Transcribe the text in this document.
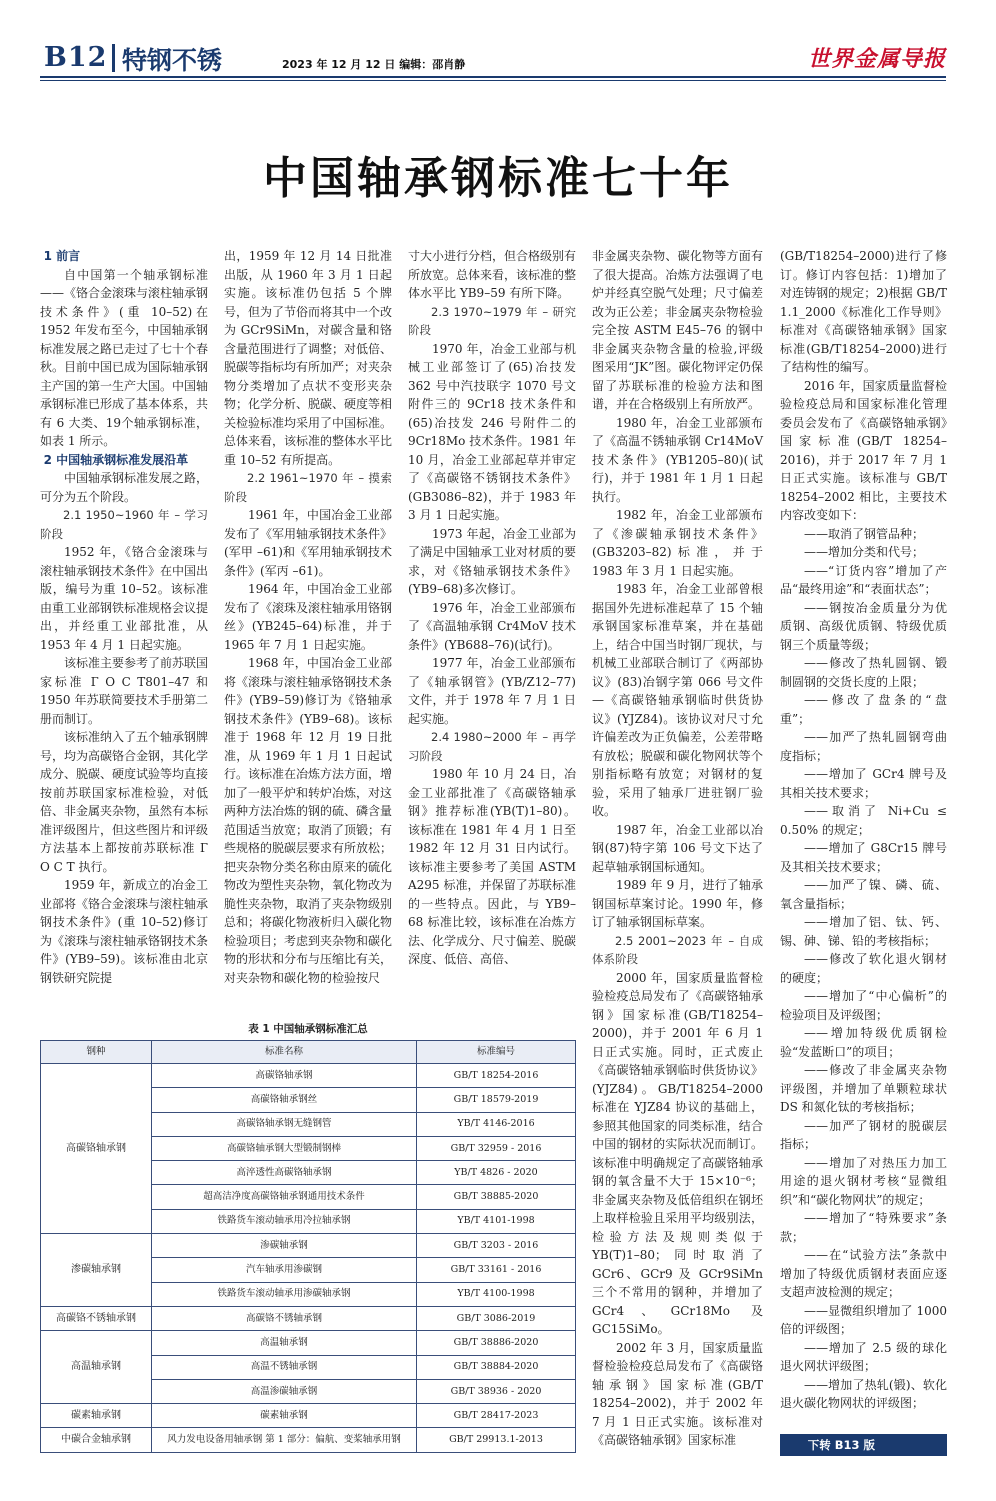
B12 特钢不锈	2023 年 12 月 12 日 编辑：邵肖静	世界金属导报
中国轴承钢标准七十年

1 前言

自中国第一个轴承钢标准——《铬合金滚珠与滚柱轴承钢技术条件》(重 10–52)在 1952 年发布至今，中国轴承钢标准发展之路已走过了七十个春秋。目前中国已成为国际轴承钢主产国的第一生产大国。中国轴承钢标准已形成了基本体系，共有 6 大类、19个轴承钢标准，如表 1 所示。

2 中国轴承钢标准发展沿革

中国轴承钢标准发展之路，可分为五个阶段。

2.1 1950~1960 年 – 学习阶段

1952 年，《铬合金滚珠与滚柱轴承钢技术条件》在中国出版，编号为重 10–52。该标准由重工业部钢铁标准规格会议提出，并经重工业部批准，从 1953 年 4 月 1 日起实施。

该标准主要参考了前苏联国家标准 Г О С Т801–47 和 1950 年苏联简要技术手册第二册而制订。

该标准纳入了五个轴承钢牌号，均为高碳铬合金钢，其化学成分、脱碳、硬度试验等均直接按前苏联国家标准检验，对低倍、非金属夹杂物，虽然有本标准评级图片，但这些图片和评级方法基本上都按前苏联标准 Г О С Т 执行。

1959 年，新成立的冶金工业部将《铬合金滚珠与滚柱轴承钢技术条件》(重 10–52)修订为《滚珠与滚柱轴承铬钢技术条件》(YB9–59)。该标准由北京钢铁研究院提

出，1959 年 12 月 14 日批准出版，从 1960 年 3 月 1 日起实施。该标准仍包括 5 个牌号，但为了节俗而将其中一个改为 GCr9SiMn，对碳含量和铬含量范围进行了调整；对低倍、脱碳等指标均有所加严；对夹杂物分类增加了点状不变形夹杂物；化学分析、脱碳、硬度等相关检验标准均采用了中国标准。总体来看，该标准的整体水平比重 10–52 有所提高。

2.2 1961~1970 年 – 摸索阶段

1961 年，中国冶金工业部发布了《军用轴承钢技术条件》(军甲 –61)和《军用轴承钢技术条件》(军丙 –61)。

1964 年，中国冶金工业部发布了《滚珠及滚柱轴承用铬钢丝》(YB245–64)标准，并于 1965 年 7 月 1 日起实施。

1968 年，中国冶金工业部将《滚珠与滚柱轴承铬钢技术条件》(YB9–59)修订为《铬轴承钢技术条件》(YB9–68)。该标准于 1968 年 12 月 19 日批准，从 1969 年 1 月 1 日起试行。该标准在冶炼方法方面，增加了一般平炉和转炉冶炼，对这两种方法冶炼的钢的硫、磷含量范围适当放宽；取消了顶锻；有些规格的脱碳层要求有所放松；把夹杂物分类名称由原来的硫化物改为塑性夹杂物，氧化物改为脆性夹杂物，取消了夹杂物级别总和；将碳化物液析归入碳化物检验项目；考虑到夹杂物和碳化物的形状和分布与压缩比有关，对夹杂物和碳化物的检验按尺

寸大小进行分档，但合格级别有所放宽。总体来看，该标准的整体水平比 YB9–59 有所下降。

2.3 1970~1979 年 – 研究阶段

1970 年，冶金工业部与机械工业部签订了(65)冶技发 362 号中汽技联字 1070 号文附件三的 9Cr18 技术条件和(65)冶技发 246 号附件二的 9Cr18Mo 技术条件。1981 年 10 月，冶金工业部起草并审定了《高碳铬不锈钢技术条件》(GB3086–82)，并于 1983 年 3 月 1 日起实施。

1973 年起，冶金工业部为了满足中国轴承工业对材质的要求，对《铬轴承钢技术条件》(YB9–68)多次修订。

1976 年，冶金工业部颁布了《高温轴承钢 Cr4MoV 技术条件》(YB688–76)(试行)。

1977 年，冶金工业部颁布了《轴承钢管》(YB/Z12–77)文件，并于 1978 年 7 月 1 日起实施。

2.4 1980~2000 年 – 再学习阶段

1980 年 10 月 24 日，冶金工业部批准了《高碳铬轴承钢》推荐标准(YB(T)1–80)。该标准在 1981 年 4 月 1 日至 1982 年 12 月 31 日内试行。该标准主要参考了美国 ASTM A295 标准，并保留了苏联标准的一些特点。因此，与 YB9–68 标准比较，该标准在冶炼方法、化学成分、尺寸偏差、脱碳深度、低倍、高倍、

非金属夹杂物、碳化物等方面有了很大提高。冶炼方法强调了电炉并经真空脱气处理；尺寸偏差改为正公差；非金属夹杂物检验完全按 ASTM E45–76 的钢中非金属夹杂物含量的检验,评级图采用“JK”图。碳化物评定仍保留了苏联标准的检验方法和图谱，并在合格级别上有所放严。

1980 年，冶金工业部颁布了《高温不锈轴承钢 Cr14MoV 技术条件》(YB1205–80)(试行)，并于 1981 年 1 月 1 日起执行。

1982 年，冶金工业部颁布了《渗碳轴承钢技术条件》(GB3203–82)标准，并于 1983 年 3 月 1 日起实施。

1983 年，冶金工业部曾根据国外先进标准起草了 15 个轴承钢国家标准草案，并在基础上，结合中国当时钢厂现状，与机械工业部联合制订了《两部协议》(83)冶钢字第 066 号文件—《高碳铬轴承钢临时供货协议》(YJZ84)。该协议对尺寸允许偏差改为正负偏差，公差带略有放松；脱碳和碳化物网状等个别指标略有放宽；对钢材的复验，采用了轴承厂进驻钢厂验收。

1987 年，冶金工业部以冶钢(87)特字第 106 号文下达了起草轴承钢国标通知。

1989 年 9 月，进行了轴承钢国标草案讨论。1990 年，修订了轴承钢国标草案。

2.5 2001~2023 年 – 自成体系阶段

2000 年，国家质量监督检验检疫总局发布了《高碳铬轴承钢》国家标准(GB/T18254–2000)，并于 2001 年 6 月 1 日正式实施。同时，正式废止《高碳铬轴承钢临时供货协议》(YJZ84)。GB/T18254–2000 标准在 YJZ84 协议的基础上，参照其他国家的同类标准，结合中国的钢材的实际状况而制订。该标准中明确规定了高碳铬轴承钢的氧含量不大于 15×10⁻⁶；非金属夹杂物及低倍组织在钢坯上取样检验且采用平均级别法，检验方法及规则类似于 YB(T)1–80；同时取消了 GCr6、GCr9 及 GCr9SiMn 三个不常用的钢种，并增加了 GCr4、GCr18Mo 及 GC15SiMo。

2002 年 3 月，国家质量监督检验检疫总局发布了《高碳铬轴承钢》国家标准(GB/T 18254–2002)，并于 2002 年 7 月 1 日正式实施。该标准对《高碳铬轴承钢》国家标准

(GB/T18254–2000)进行了修订。修订内容包括：1)增加了对连铸钢的规定；2)根据 GB/T 1.1_2000《标准化工作导则》标准对《高碳铬轴承钢》国家标准(GB/T18254–2000)进行了结构性的编写。

2016 年，国家质量监督检验检疫总局和国家标准化管理委员会发布了《高碳铬轴承钢》国家标准(GB/T 18254–2016)，并于 2017 年 7 月 1 日正式实施。该标准与 GB/T 18254–2002 相比，主要技术内容改变如下：

——取消了钢管品种；

——增加分类和代号；

——“订货内容”增加了产品“最终用途”和“表面状态”；

——钢按冶金质量分为优质钢、高级优质钢、特级优质钢三个质量等级；

——修改了热轧圆钢、锻制圆钢的交货长度的上限；

——修改了盘条的“盘重”；

——加严了热轧圆钢弯曲度指标；

——增加了 GCr4 牌号及其相关技术要求；

——取消了 Ni+Cu ≤ 0.50% 的规定；

——增加了 G8Cr15 牌号及其相关技术要求；

——加严了镍、磷、硫、氧含量指标；

——增加了铝、钛、钙、锡、砷、锑、铅的考核指标；

——修改了软化退火钢材的硬度；

——增加了“中心偏析”的检验项目及评级图；

——增加特级优质钢检验“发蓝断口”的项目；

——修改了非金属夹杂物评级图，并增加了单颗粒球状 DS 和氮化钛的考核指标；

——加严了钢材的脱碳层指标；

——增加了对热压力加工用途的退火钢材考核“显微组织”和“碳化物网状”的规定；

——增加了“特殊要求”条款；

——在“试验方法”条款中增加了特级优质钢材表面应逐支超声波检测的规定；

——显微组织增加了 1000 倍的评级图；

——增加了 2.5 级的球化退火网状评级图；

——增加了热轧(锻)、软化退火碳化物网状的评级图；

表 1 中国轴承钢标准汇总
钢种	标准名称	标准编号
高碳铬轴承钢	高碳铬轴承钢	GB/T 18254-2016
	高碳铬轴承钢丝	GB/T 18579-2019
	高碳铬轴承钢无缝钢管	YB/T 4146-2016
	高碳铬轴承钢大型锻制钢棒	GB/T 32959 - 2016
	高淬透性高碳铬轴承钢	YB/T 4826 - 2020
	超高洁净度高碳铬轴承钢通用技术条件	GB/T 38885-2020
	铁路货车滚动轴承用冷拉轴承钢	YB/T 4101-1998
渗碳轴承钢	渗碳轴承钢	GB/T 3203 - 2016
	汽车轴承用渗碳钢	GB/T 33161 - 2016
	铁路货车滚动轴承用渗碳轴承钢	YB/T 4100-1998
高碳铬不锈轴承钢	高碳铬不锈轴承钢	GB/T 3086-2019
高温轴承钢	高温轴承钢	GB/T 38886-2020
	高温不锈轴承钢	GB/T 38884-2020
	高温渗碳轴承钢	GB/T 38936 - 2020
碳素轴承钢	碳素轴承钢	GB/T 28417-2023
中碳合金轴承钢	风力发电设备用轴承钢 第 1 部分：偏航、变桨轴承用钢	GB/T 29913.1-2013	下转 B13 版
